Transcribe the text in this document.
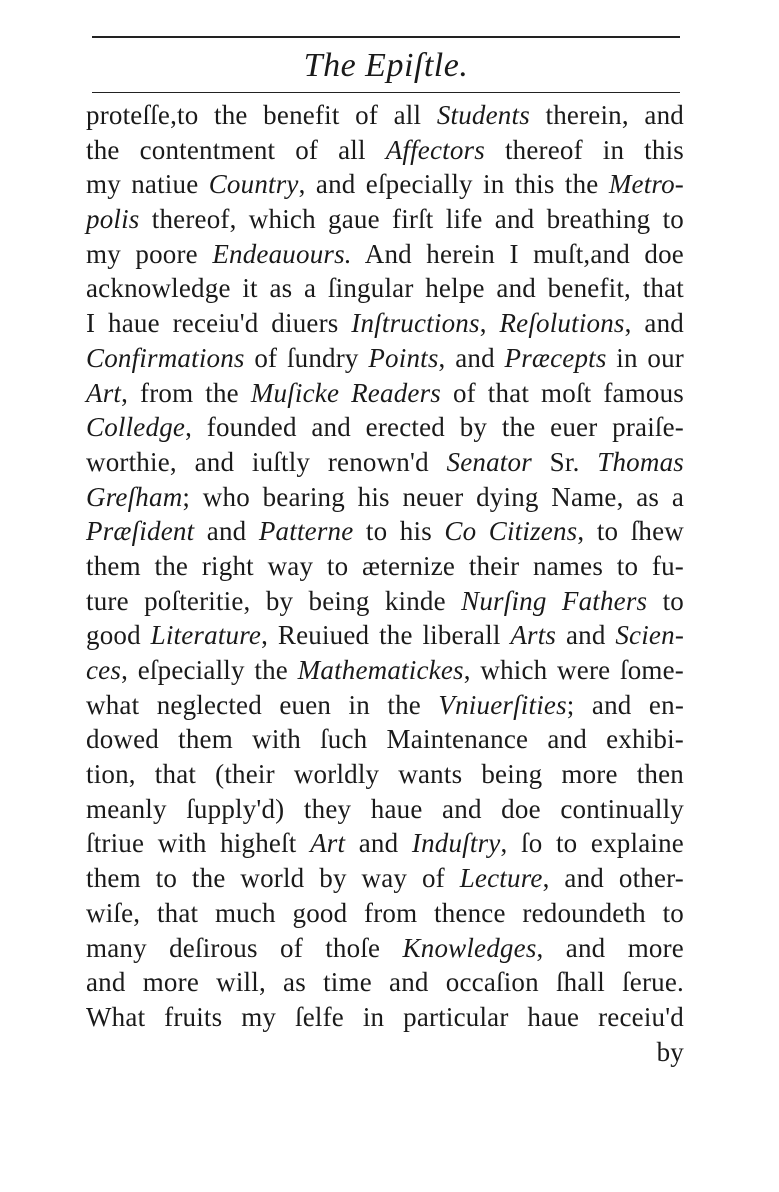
The Epiſtle.
proteſſe,to the benefit of all Students therein, and
the contentment of all Affectors thereof in this
my natiue Country, and eſpecially in this the Metro-
polis thereof, which gaue firſt life and breathing to
my poore Endeauours. And herein I muſt,and doe
acknowledge it as a ſingular helpe and benefit, that
I haue receiu'd diuers Inſtructions, Reſolutions, and
Confirmations of ſundry Points, and Præcepts in our
Art, from the Muſicke Readers of that moſt famous
Colledge, founded and erected by the euer praiſe-
worthie, and iuſtly renown'd Senator Sr. Thomas
Greſham; who bearing his neuer dying Name, as a
Præſident and Patterne to his Co Citizens, to ſhew
them the right way to æternize their names to fu-
ture poſteritie, by being kinde Nurſing Fathers to
good Literature, Reuiued the liberall Arts and Scien-
ces, eſpecially the Mathematickes, which were ſome-
what neglected euen in the Vniuerſities; and en-
dowed them with ſuch Maintenance and exhibi-
tion, that (their worldly wants being more then
meanly ſupply'd) they haue and doe continually
ſtriue with higheſt Art and Induſtry, ſo to explaine
them to the world by way of Lecture, and other-
wiſe, that much good from thence redoundeth to
many deſirous of thoſe Knowledges, and more
and more will, as time and occaſion ſhall ſerue.
What fruits my ſelfe in particular haue receiu'd
by
